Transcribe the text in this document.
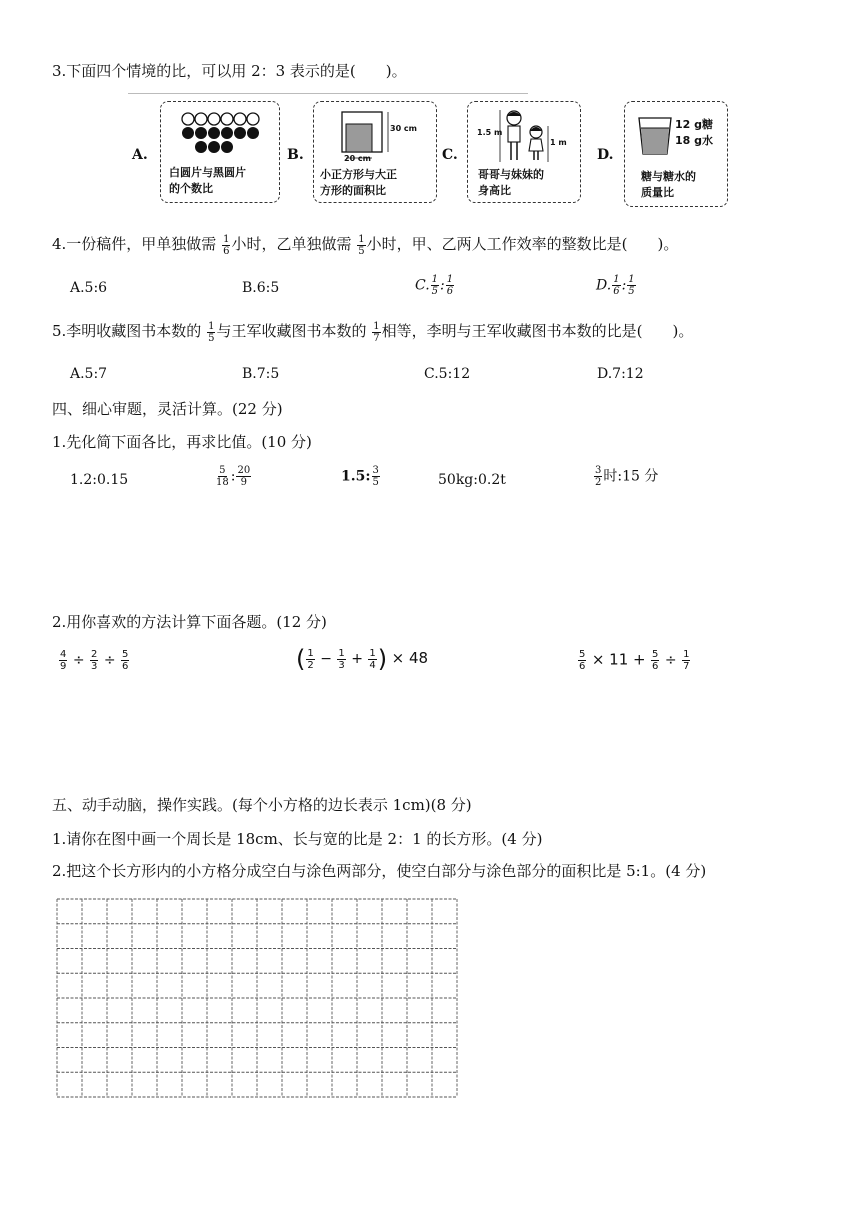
3.下面四个情境的比，可以用 2：3 表示的是(　　)。
A.
白圆片与黑圆片
的个数比
B.
30 cm
20 cm
小正方形与大正
方形的面积比
C.
1.5 m
1 m
哥哥与妹妹的
身高比
D.
12 g糖
18 g水
糖与糖水的
质量比
4.一份稿件，甲单独做需 $\frac{1}{6}$ 小时，乙单独做需 $\frac{1}{5}$ 小时，甲、乙两人工作效率的整数比是(　　)。
A.5:6	B.6:5	C. $\frac{1}{5}$ : $\frac{1}{6}$	D. $\frac{1}{6}$ : $\frac{1}{5}$
5.李明收藏图书本数的 $\frac{1}{5}$ 与王军收藏图书本数的 $\frac{1}{7}$ 相等，李明与王军收藏图书本数的比是(　　)。
A.5:7	B.7:5	C.5:12	D.7:12
四、细心审题，灵活计算。(22 分)
1.先化简下面各比，再求比值。(10 分)
1.2:0.15	$\frac{5}{18}$ : $\frac{20}{9}$	1.5: $\frac{3}{5}$	50kg:0.2t	$\frac{3}{2}$ 时:15 分
2.用你喜欢的方法计算下面各题。(12 分)
$\frac{4}{9} \div \frac{2}{3} \div \frac{5}{6}$	( $\frac{1}{2} - \frac{1}{3} + \frac{1}{4}$ ) × 48	$\frac{5}{6} \times 11 + \frac{5}{6} \div \frac{1}{7}$
五、动手动脑，操作实践。(每个小方格的边长表示 1cm)(8 分)
1.请你在图中画一个周长是 18cm、长与宽的比是 2：1 的长方形。(4 分)
2.把这个长方形内的小方格分成空白与涂色两部分，使空白部分与涂色部分的面积比是 5:1。(4 分)
